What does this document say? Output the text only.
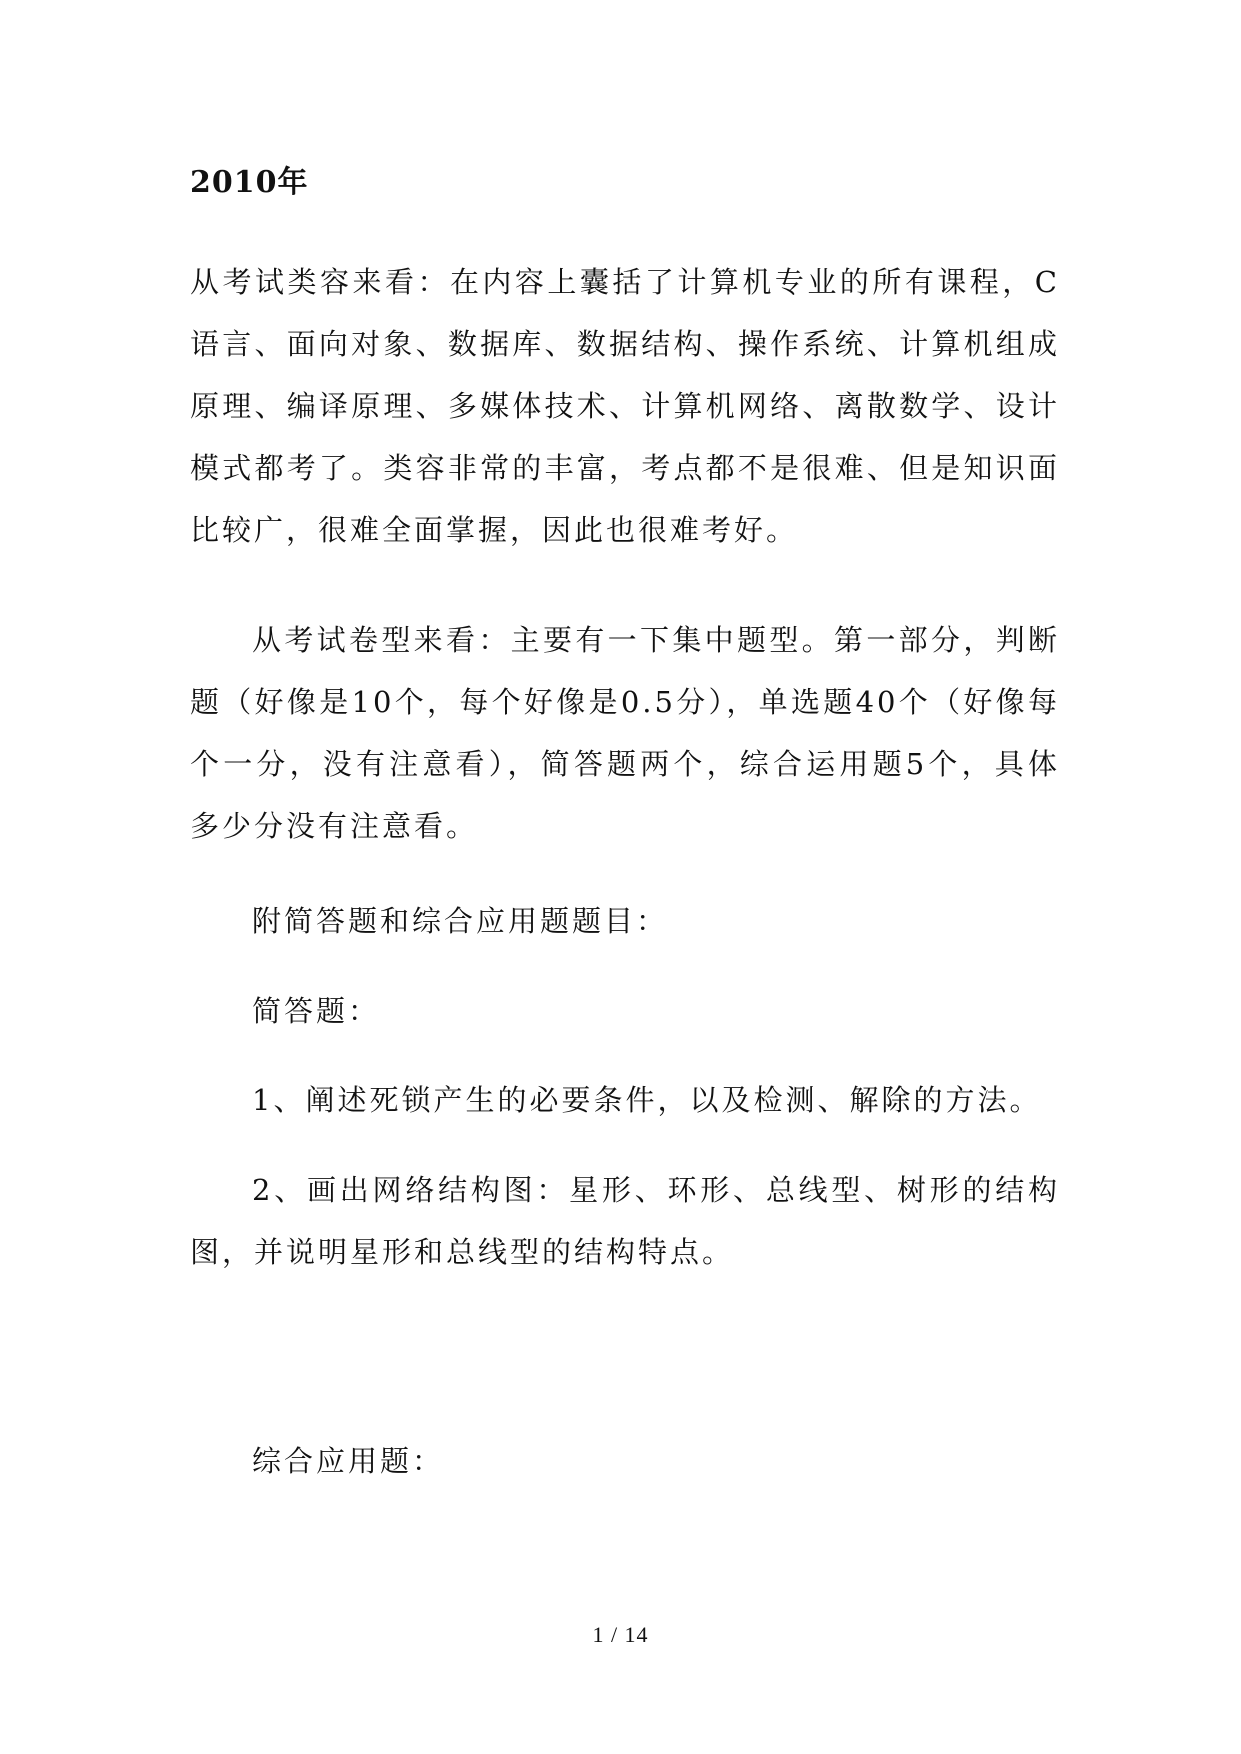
2010年

从考试类容来看：在内容上囊括了计算机专业的所有课程，C语言、面向对象、数据库、数据结构、操作系统、计算机组成原理、编译原理、多媒体技术、计算机网络、离散数学、设计模式都考了。类容非常的丰富，考点都不是很难、但是知识面比较广，很难全面掌握，因此也很难考好。

从考试卷型来看：主要有一下集中题型。第一部分，判断题（好像是10个，每个好像是0.5分），单选题40个（好像每个一分，没有注意看），简答题两个，综合运用题5个，具体多少分没有注意看。

附简答题和综合应用题题目：

简答题：

1、阐述死锁产生的必要条件，以及检测、解除的方法。

2、画出网络结构图：星形、环形、总线型、树形的结构图，并说明星形和总线型的结构特点。

综合应用题：

1 / 14
